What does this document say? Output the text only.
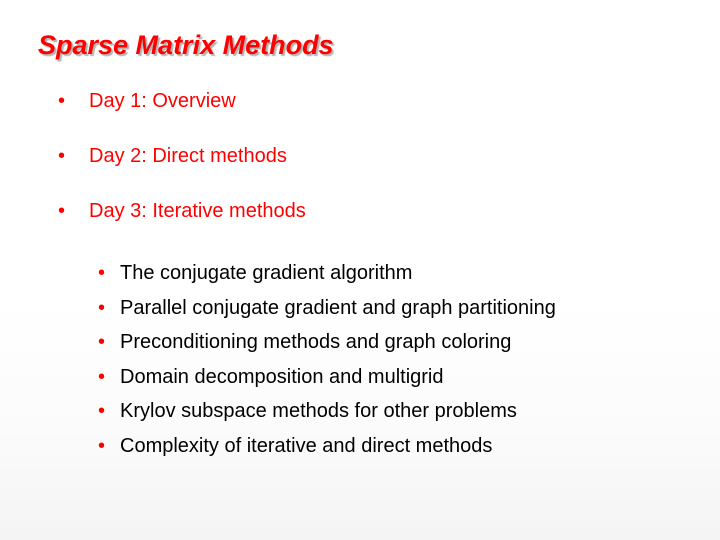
Sparse Matrix Methods
•	Day 1: Overview
•	Day 2: Direct methods
•	Day 3: Iterative methods
• The conjugate gradient algorithm
• Parallel conjugate gradient and graph partitioning
• Preconditioning methods and graph coloring
• Domain decomposition and multigrid
• Krylov subspace methods for other problems
• Complexity of iterative and direct methods
